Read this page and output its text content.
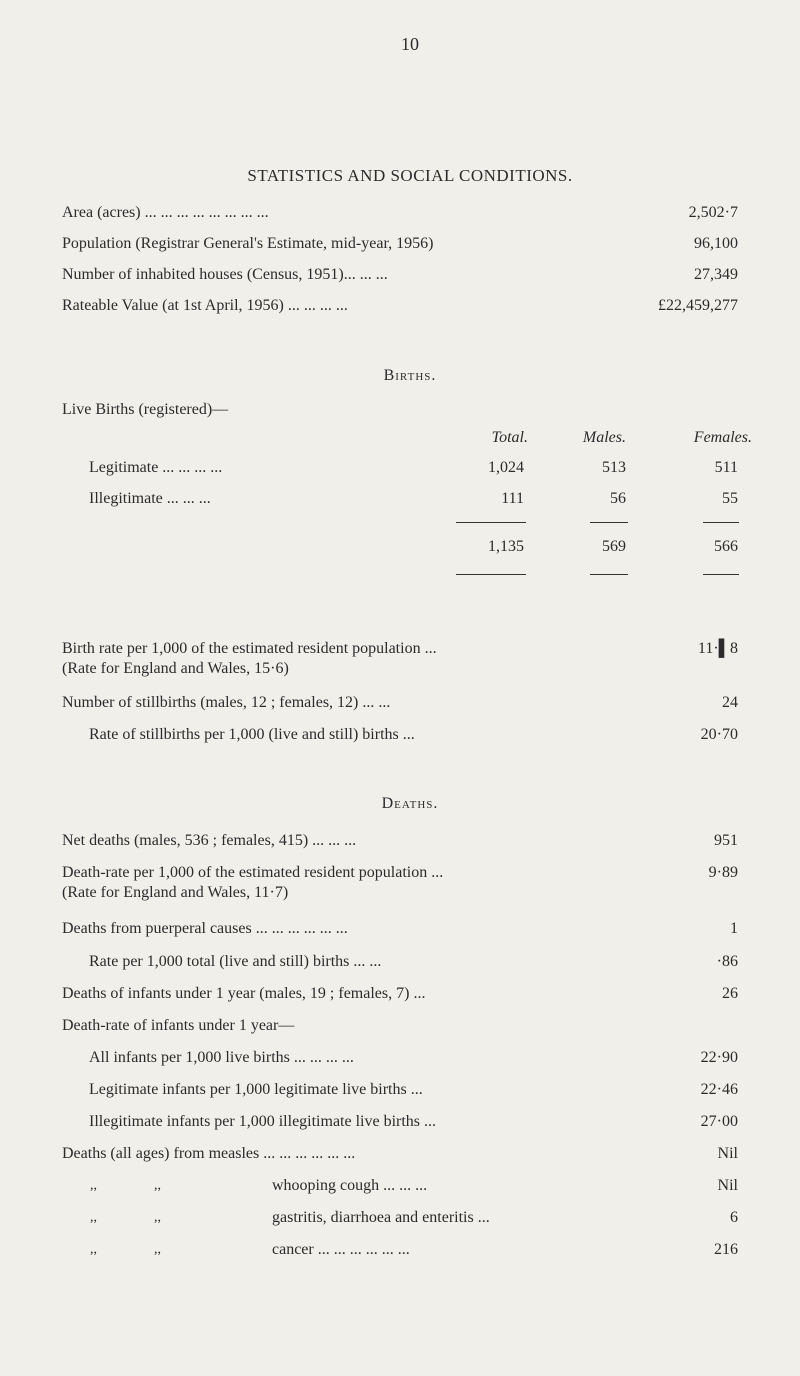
10
STATISTICS AND SOCIAL CONDITIONS.
Area (acres) ... ... ... ... ... ... ... ...	2,502·7
Population (Registrar General's Estimate, mid-year, 1956)	96,100
Number of inhabited houses (Census, 1951)... ... ...	27,349
Rateable Value (at 1st April, 1956) ... ... ... ...	£22,459,277
Births.
Live Births (registered)—
Total.	Males.	Females.
Legitimate ... ... ... ...	1,024	513	511
Illegitimate ... ... ...	111	56	55
1,135	569	566
Birth rate per 1,000 of the estimated resident population ...	11·▌8
(Rate for England and Wales, 15·6)
Number of stillbirths (males, 12 ; females, 12) ... ...	24
Rate of stillbirths per 1,000 (live and still) births ...	20·70
Deaths.
Net deaths (males, 536 ; females, 415) ... ... ...	951
Death-rate per 1,000 of the estimated resident population ...	9·89
(Rate for England and Wales, 11·7)
Deaths from puerperal causes ... ... ... ... ... ...	1
Rate per 1,000 total (live and still) births ... ...	·86
Deaths of infants under 1 year (males, 19 ; females, 7) ...	26
Death-rate of infants under 1 year—
All infants per 1,000 live births ... ... ... ...	22·90
Legitimate infants per 1,000 legitimate live births ...	22·46
Illegitimate infants per 1,000 illegitimate live births ...	27·00
Deaths (all ages) from measles ... ... ... ... ... ...	Nil
,,	,,	whooping cough ... ... ...	Nil
,,	,,	gastritis, diarrhoea and enteritis ...	6
,,	,,	cancer ... ... ... ... ... ...	216
